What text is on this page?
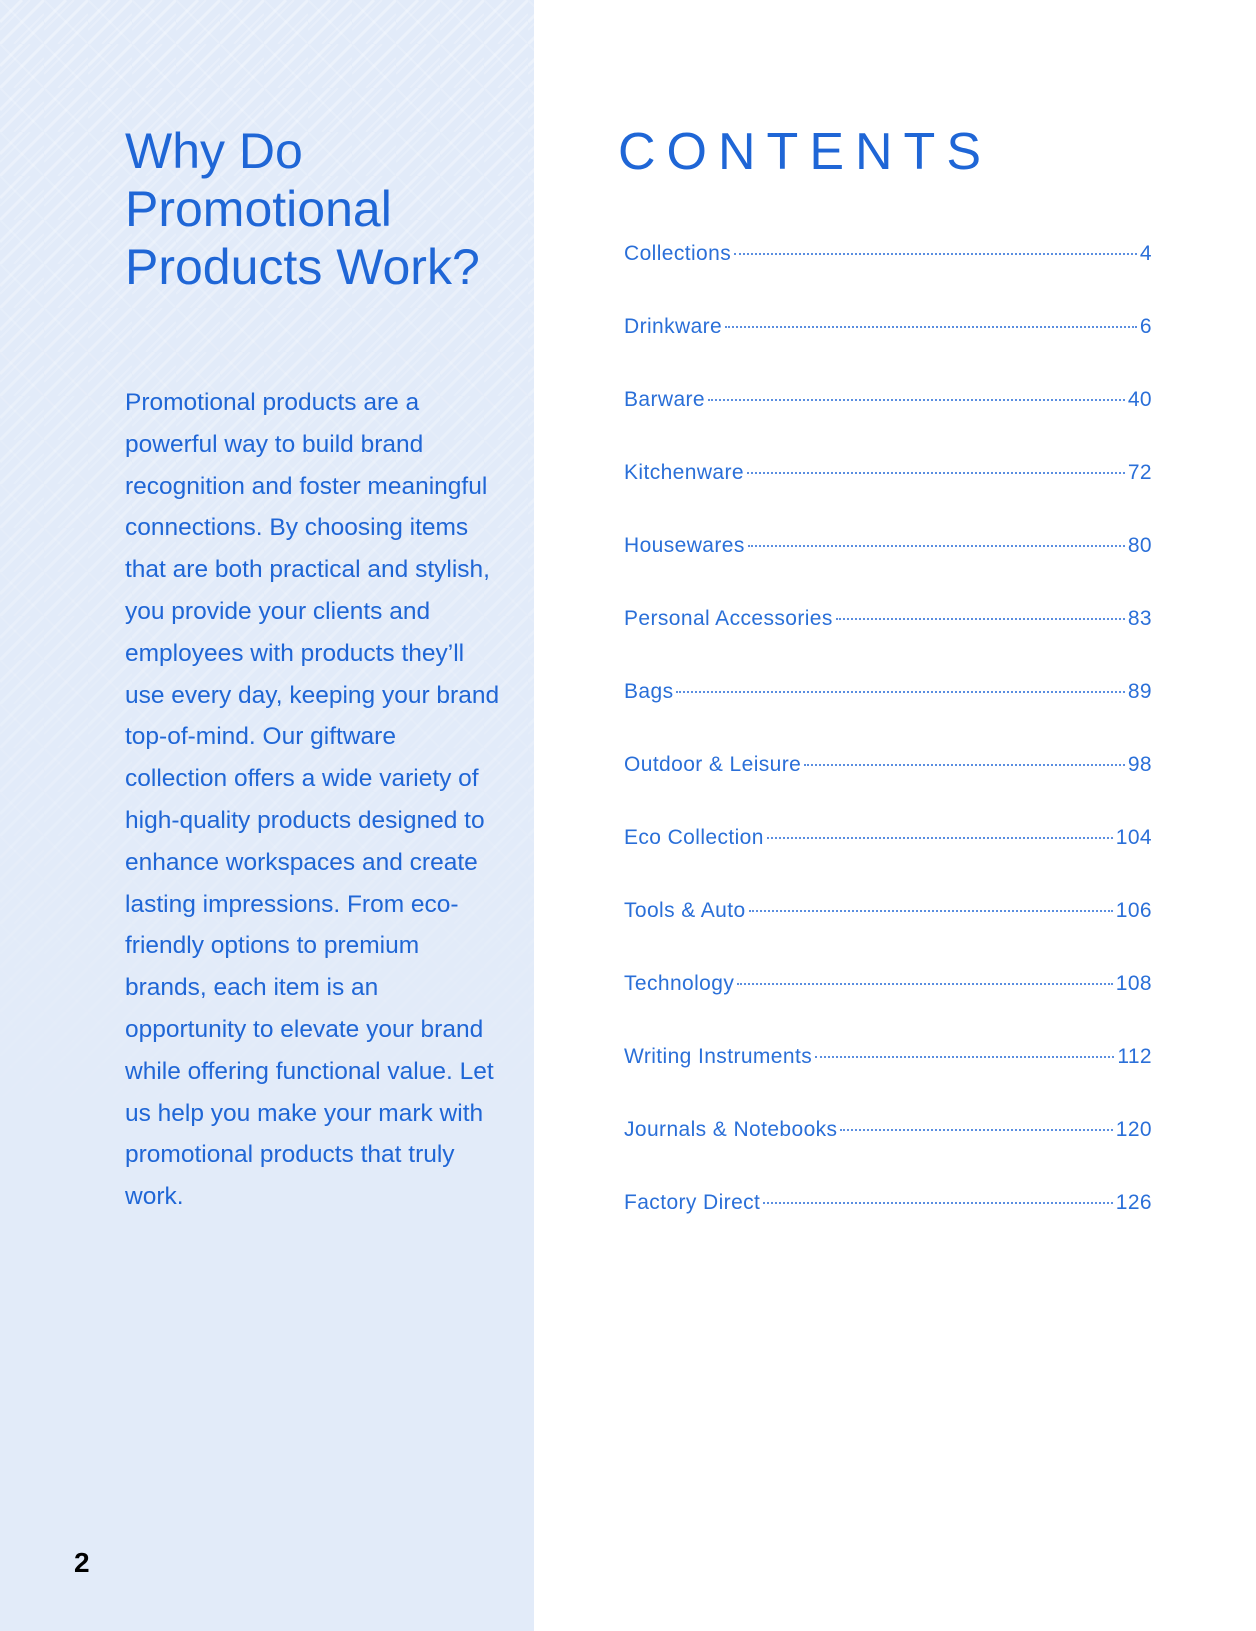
Why Do Promotional Products Work?

Promotional products are a powerful way to build brand recognition and foster meaningful connections. By choosing items that are both practical and stylish, you provide your clients and employees with products they’ll use every day, keeping your brand top-of-mind. Our giftware collection offers a wide variety of high-quality products designed to enhance workspaces and create lasting impressions. From eco-friendly options to premium brands, each item is an opportunity to elevate your brand while offering functional value. Let us help you make your mark with promotional products that truly work.

2
CONTENTS
Collections	4
Drinkware	6
Barware	40
Kitchenware	72
Housewares	80
Personal Accessories	83
Bags	89
Outdoor & Leisure	98
Eco Collection	104
Tools & Auto	106
Technology	108
Writing Instruments	112
Journals & Notebooks	120
Factory Direct	126
